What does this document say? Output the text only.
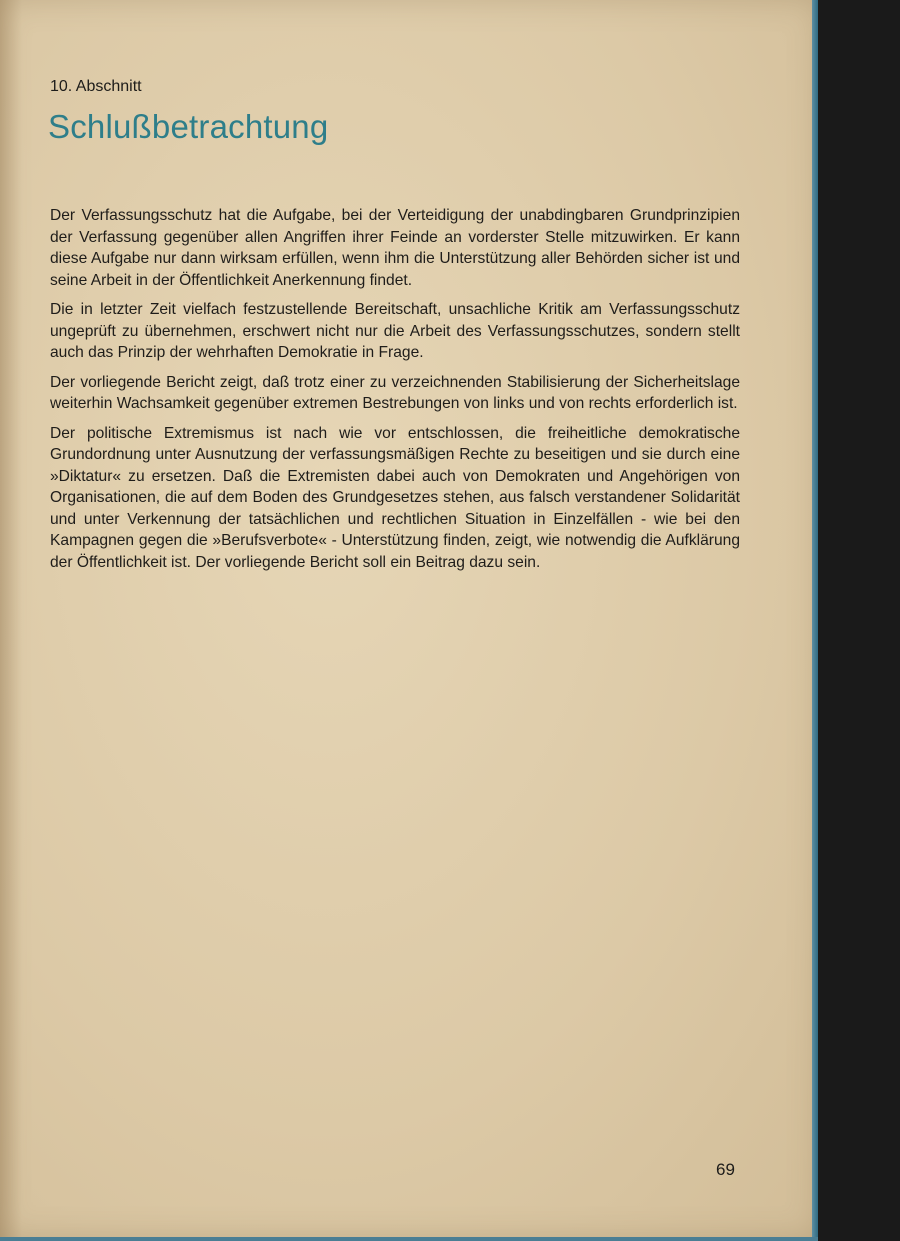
10. Abschnitt
Schlußbetrachtung

Der Verfassungsschutz hat die Aufgabe, bei der Verteidigung der unabdingbaren Grundprinzipien der Verfassung gegenüber allen Angriffen ihrer Feinde an vorderster Stelle mitzuwirken. Er kann diese Aufgabe nur dann wirksam erfüllen, wenn ihm die Unterstützung aller Behörden sicher ist und seine Arbeit in der Öffentlichkeit Anerkennung findet.

Die in letzter Zeit vielfach festzustellende Bereitschaft, unsachliche Kritik am Verfassungsschutz ungeprüft zu übernehmen, erschwert nicht nur die Arbeit des Verfassungsschutzes, sondern stellt auch das Prinzip der wehrhaften Demokratie in Frage.

Der vorliegende Bericht zeigt, daß trotz einer zu verzeichnenden Stabilisierung der Sicherheitslage weiterhin Wachsamkeit gegenüber extremen Bestrebungen von links und von rechts erforderlich ist.

Der politische Extremismus ist nach wie vor entschlossen, die freiheitliche demokratische Grundordnung unter Ausnutzung der verfassungsmäßigen Rechte zu beseitigen und sie durch eine »Diktatur« zu ersetzen. Daß die Extremisten dabei auch von Demokraten und Angehörigen von Organisationen, die auf dem Boden des Grundgesetzes stehen, aus falsch verstandener Solidarität und unter Verkennung der tatsächlichen und rechtlichen Situation in Einzelfällen - wie bei den Kampagnen gegen die »Berufsverbote« - Unterstützung finden, zeigt, wie notwendig die Aufklärung der Öffentlichkeit ist. Der vorliegende Bericht soll ein Beitrag dazu sein.

69
